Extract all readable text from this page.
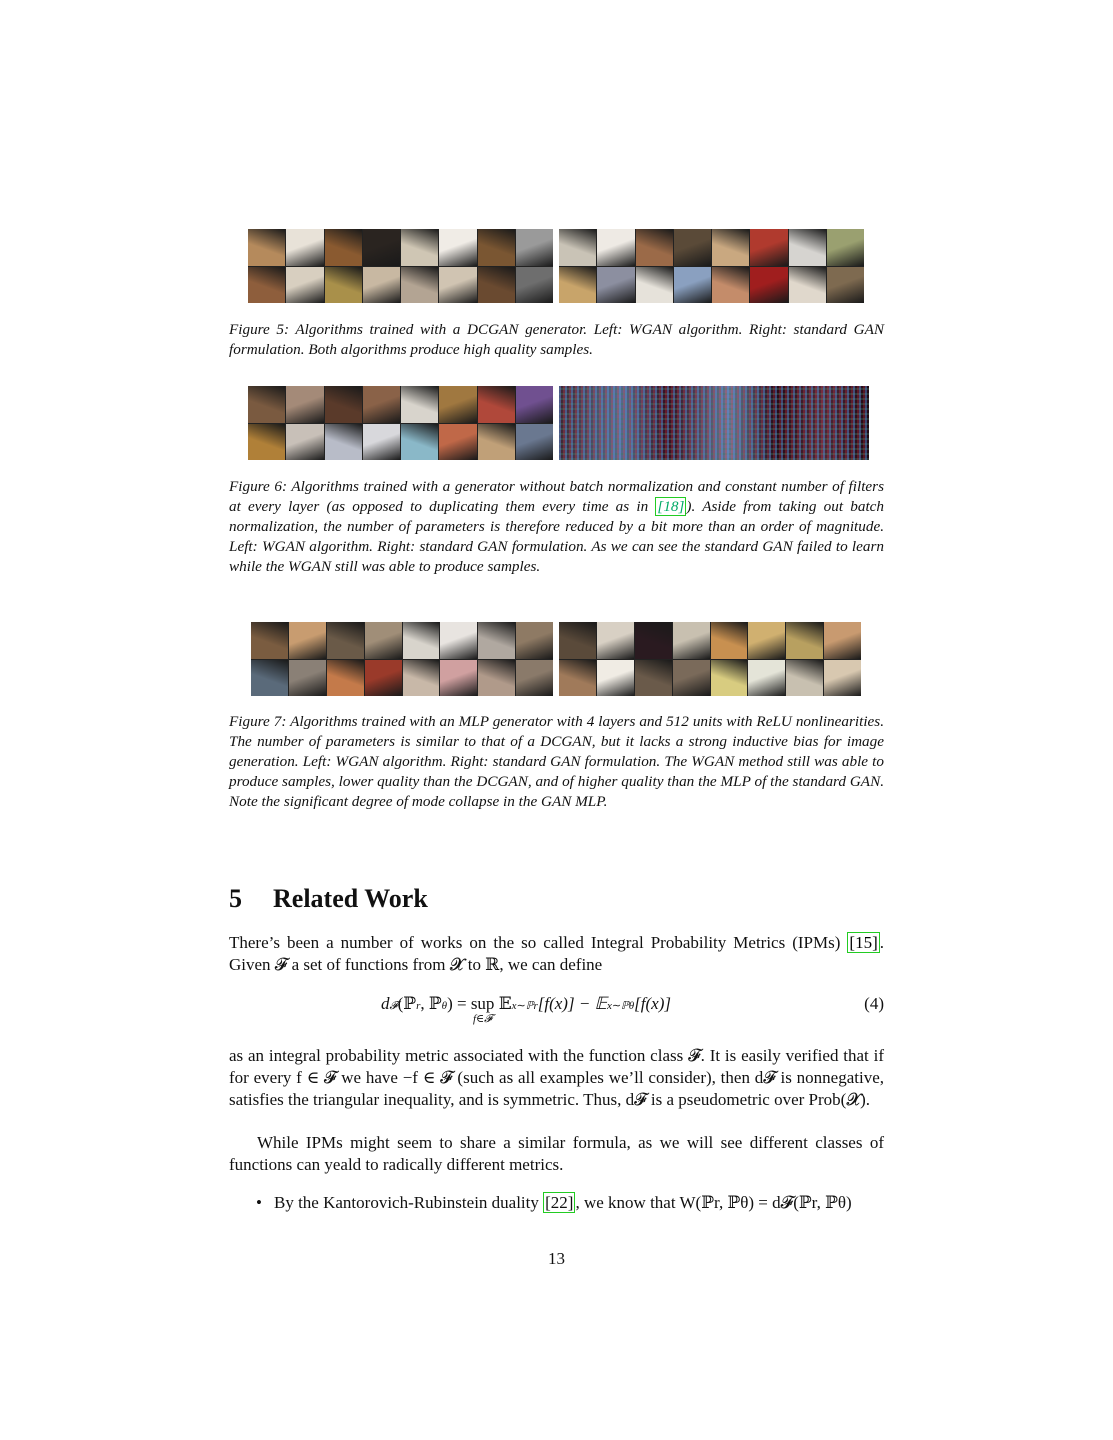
Figure 5: Algorithms trained with a DCGAN generator. Left: WGAN algorithm. Right: standard GAN formulation. Both algorithms produce high quality samples.

Figure 6: Algorithms trained with a generator without batch normalization and constant number of filters at every layer (as opposed to duplicating them every time as in [18] ). Aside from taking out batch normalization, the number of parameters is therefore reduced by a bit more than an order of magnitude. Left: WGAN algorithm. Right: standard GAN formulation. As we can see the standard GAN failed to learn while the WGAN still was able to produce samples.

Figure 7: Algorithms trained with an MLP generator with 4 layers and 512 units with ReLU nonlinearities. The number of parameters is similar to that of a DCGAN, but it lacks a strong inductive bias for image generation. Left: WGAN algorithm. Right: standard GAN formulation. The WGAN method still was able to produce samples, lower quality than the DCGAN, and of higher quality than the MLP of the standard GAN. Note the significant degree of mode collapse in the GAN MLP.

5 Related Work

There’s been a number of works on the so called Integral Probability Metrics (IPMs) [15] . Given 𝓕 a set of functions from 𝓧 to ℝ, we can define

d𝓕(ℙr, ℙθ) = sup
f∈𝓕
𝔼x∼ℙr[f(x)] − 𝔼x∼ℙθ[f(x)]	(4)

as an integral probability metric associated with the function class 𝓕. It is easily verified that if for every f ∈ 𝓕 we have −f ∈ 𝓕 (such as all examples we’ll consider), then d𝓕 is nonnegative, satisfies the triangular inequality, and is symmetric. Thus, d𝓕 is a pseudometric over Prob(𝓧).

While IPMs might seem to share a similar formula, as we will see different classes of functions can yeald to radically different metrics.

• By the Kantorovich-Rubinstein duality [22] , we know that W(ℙr, ℙθ) = d𝓕(ℙr, ℙθ)
13
